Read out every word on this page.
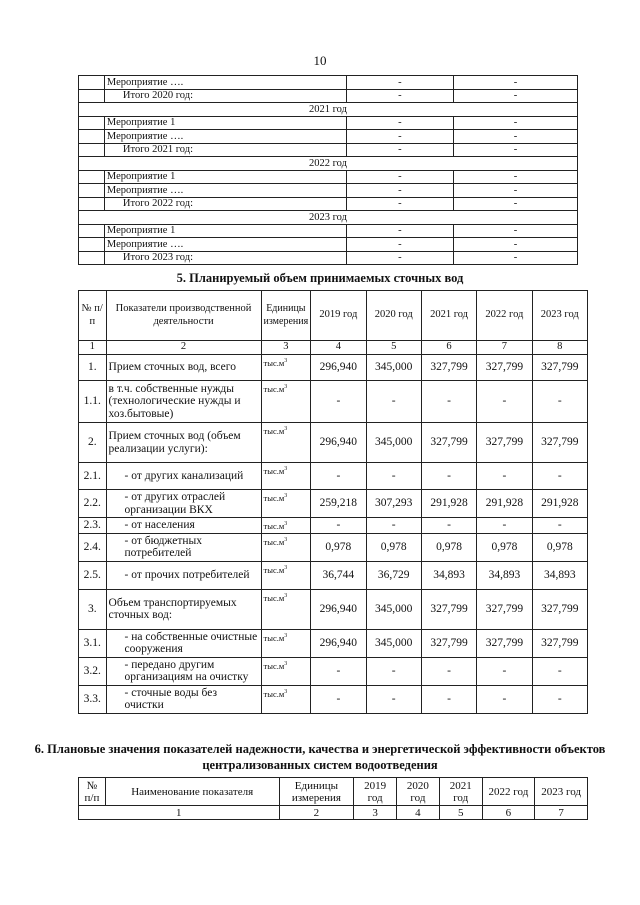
10
	Мероприятие ….	-	-
	Итого 2020 год:	-	-
2021 год			
	Мероприятие 1	-	-
	Мероприятие ….	-	-
	Итого 2021 год:	-	-
2022 год			
	Мероприятие 1	-	-
	Мероприятие ….	-	-
	Итого 2022 год:	-	-
2023 год			
	Мероприятие 1	-	-
	Мероприятие ….	-	-
	Итого 2023 год:	-	-
5. Планируемый объем принимаемых сточных вод
№ п/п	Показатели производственной деятельности	Единицы измерения	2019 год	2020 год	2021 год	2022 год	2023 год
1	2	3	4	5	6	7	8
1.	Прием сточных вод, всего	$тыс.м^3$	296,940	345,000	327,799	327,799	327,799
1.1.	в т.ч. собственные нужды (технологические нужды и хоз.бытовые)	$тыс.м^3$	-	-	-	-	-
2.	Прием сточных вод (объем реализации услуги):	$тыс.м^3$	296,940	345,000	327,799	327,799	327,799
2.1.	- от других канализаций	$тыс.м^3$	-	-	-	-	-
2.2.	- от других отраслей организации ВКХ	$тыс.м^3$	259,218	307,293	291,928	291,928	291,928
2.3.	- от населения	$тыс.м^3$	-	-	-	-	-
2.4.	- от бюджетных потребителей	$тыс.м^3$	0,978	0,978	0,978	0,978	0,978
2.5.	- от прочих потребителей	$тыс.м^3$	36,744	36,729	34,893	34,893	34,893
3.	Объем транспортируемых сточных вод:	$тыс.м^3$	296,940	345,000	327,799	327,799	327,799
3.1.	- на собственные очистные сооружения	$тыс.м^3$	296,940	345,000	327,799	327,799	327,799
3.2.	- передано другим организациям на очистку	$тыс.м^3$	-	-	-	-	-
3.3.	- сточные воды без очистки	$тыс.м^3$	-	-	-	-	-
6. Плановые значения показателей надежности, качества и энергетической эффективности объектов централизованных систем водоотведения
№ п/п	Наименование показателя	Единицы измерения	2019 год	2020 год	2021 год	2022 год	2023 год
1		2	3	4	5	6	7
